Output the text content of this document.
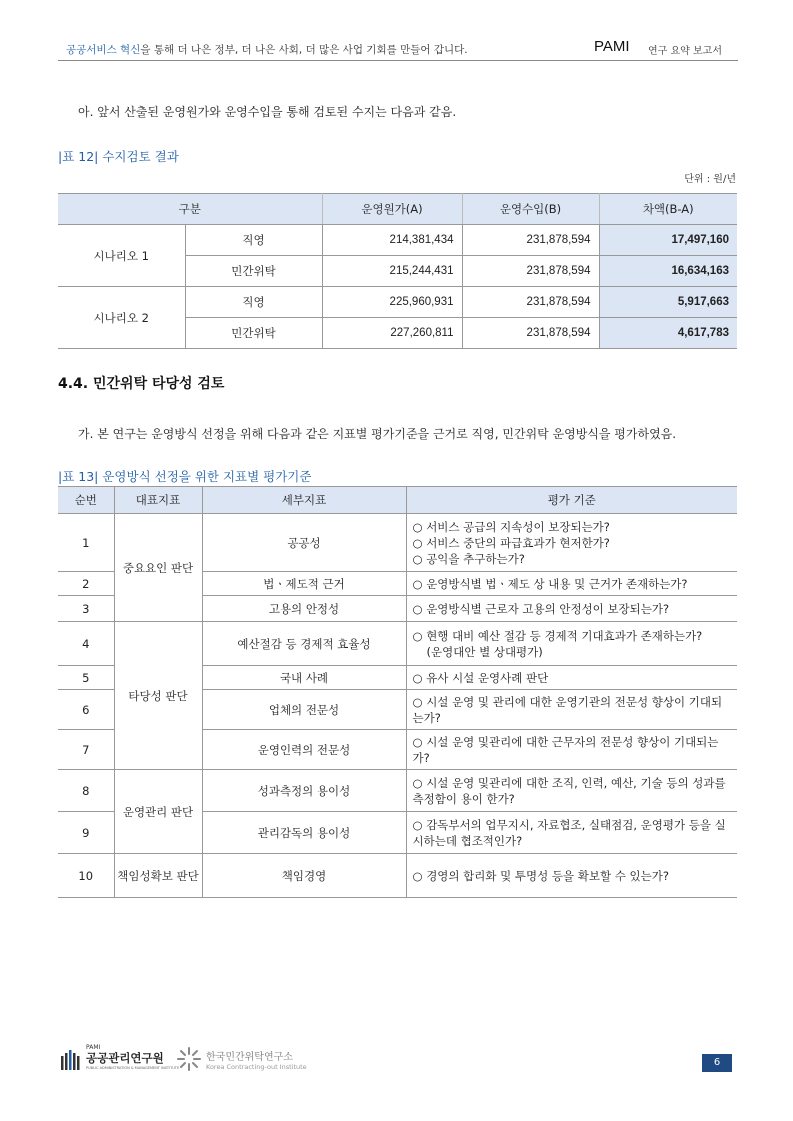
공공서비스 혁신을 통해 더 나은 정부, 더 나은 사회, 더 많은 사업 기회를 만들어 갑니다.	PAMI 연구 요약 보고서
아. 앞서 산출된 운영원가와 운영수입을 통해 검토된 수지는 다음과 같음.
|표 12| 수지검토 결과
단위 : 원/년
구분		운영원가(A)	운영수입(B)	차액(B-A)
시나리오 1	직영	214,381,434	231,878,594	17,497,160
	민간위탁	215,244,431	231,878,594	16,634,163
시나리오 2	직영	225,960,931	231,878,594	5,917,663
	민간위탁	227,260,811	231,878,594	4,617,783
4.4. 민간위탁 타당성 검토
가. 본 연구는 운영방식 선정을 위해 다음과 같은 지표별 평가기준을 근거로 직영, 민간위탁 운영방식을 평가하였음.
|표 13| 운영방식 선정을 위한 지표별 평가기준
순번	대표지표	세부지표	평가 기준
1	중요요인 판단	공공성	○ 서비스 공급의 지속성이 보장되는가?
○ 서비스 중단의 파급효과가 현저한가?
○ 공익을 추구하는가?

2		법ㆍ제도적 근거	○ 운영방식별 법ㆍ제도 상 내용 및 근거가 존재하는가?

3		고용의 안정성	○ 운영방식별 근로자 고용의 안정성이 보장되는가?

4	타당성 판단	예산절감 등 경제적 효율성	○ 현행 대비 예산 절감 등 경제적 기대효과가 존재하는가?
(운영대안 별 상대평가)

5		국내 사례	○ 유사 시설 운영사례 판단

6		업체의 전문성	○ 시설 운영 및 관리에 대한 운영기관의 전문성 향상이 기대되는가?

7		운영인력의 전문성	○ 시설 운영 및관리에 대한 근무자의 전문성 향상이 기대되는가?

8	운영관리 판단	성과측정의 용이성	○ 시설 운영 및관리에 대한 조직, 인력, 예산, 기술 등의 성과를 측정함이 용이 한가?

9		관리감독의 용이성	○ 감독부서의 업무지시, 자료협조, 실태점검, 운영평가 등을 실시하는데 협조적인가?

10	책임성확보 판단	책임경영	○ 경영의 합리화 및 투명성 등을 확보할 수 있는가?
PAMI
공공관리연구원
PUBLIC ADMINISTRATION & MANAGEMENT INSTITUTE
한국민간위탁연구소
Korea Contracting-out Institute	6
